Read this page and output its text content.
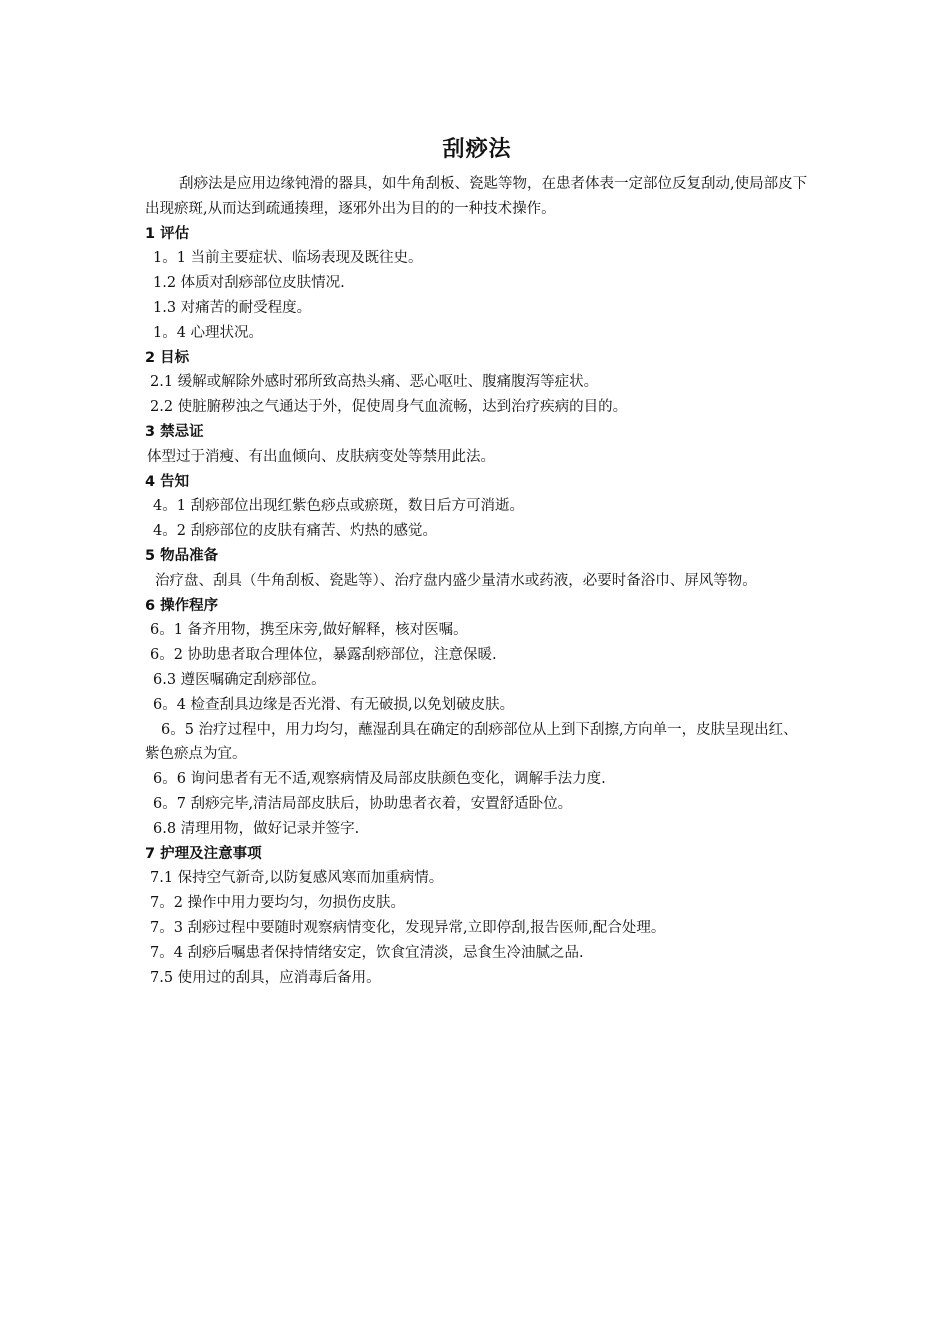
刮痧法

刮痧法是应用边缘钝滑的器具，如牛角刮板、瓷匙等物，在患者体表一定部位反复刮动,使局部皮下出现瘀斑,从而达到疏通揍理，逐邪外出为目的的一种技术操作。

1 评估

1。1 当前主要症状、临场表现及既往史。

1.2 体质对刮痧部位皮肤情况.

1.3 对痛苦的耐受程度。

1。4 心理状况。

2 目标

2.1 缓解或解除外感时邪所致高热头痛、恶心呕吐、腹痛腹泻等症状。

2.2 使脏腑秽浊之气通达于外，促使周身气血流畅，达到治疗疾病的目的。

3 禁忌证

体型过于消瘦、有出血倾向、皮肤病变处等禁用此法。

4 告知

4。1 刮痧部位出现红紫色痧点或瘀斑，数日后方可消逝。

4。2 刮痧部位的皮肤有痛苦、灼热的感觉。

5 物品准备

治疗盘、刮具（牛角刮板、瓷匙等）、治疗盘内盛少量清水或药液，必要时备浴巾、屏风等物。

6 操作程序

6。1 备齐用物，携至床旁,做好解释，核对医嘱。

6。2 协助患者取合理体位，暴露刮痧部位，注意保暖.

6.3 遵医嘱确定刮痧部位。

6。4 检查刮具边缘是否光滑、有无破损,以免划破皮肤。

6。5 治疗过程中，用力均匀，蘸湿刮具在确定的刮痧部位从上到下刮擦,方向单一，皮肤呈现出红、紫色瘀点为宜。

6。6 询问患者有无不适,观察病情及局部皮肤颜色变化，调解手法力度.

6。7 刮痧完毕,清洁局部皮肤后，协助患者衣着，安置舒适卧位。

6.8 清理用物，做好记录并签字.

7 护理及注意事项

7.1 保持空气新奇,以防复感风寒而加重病情。

7。2 操作中用力要均匀，勿损伤皮肤。

7。3 刮痧过程中要随时观察病情变化，发现异常,立即停刮,报告医师,配合处理。

7。4 刮痧后嘱患者保持情绪安定，饮食宜清淡，忌食生冷油腻之品.

7.5 使用过的刮具，应消毒后备用。
